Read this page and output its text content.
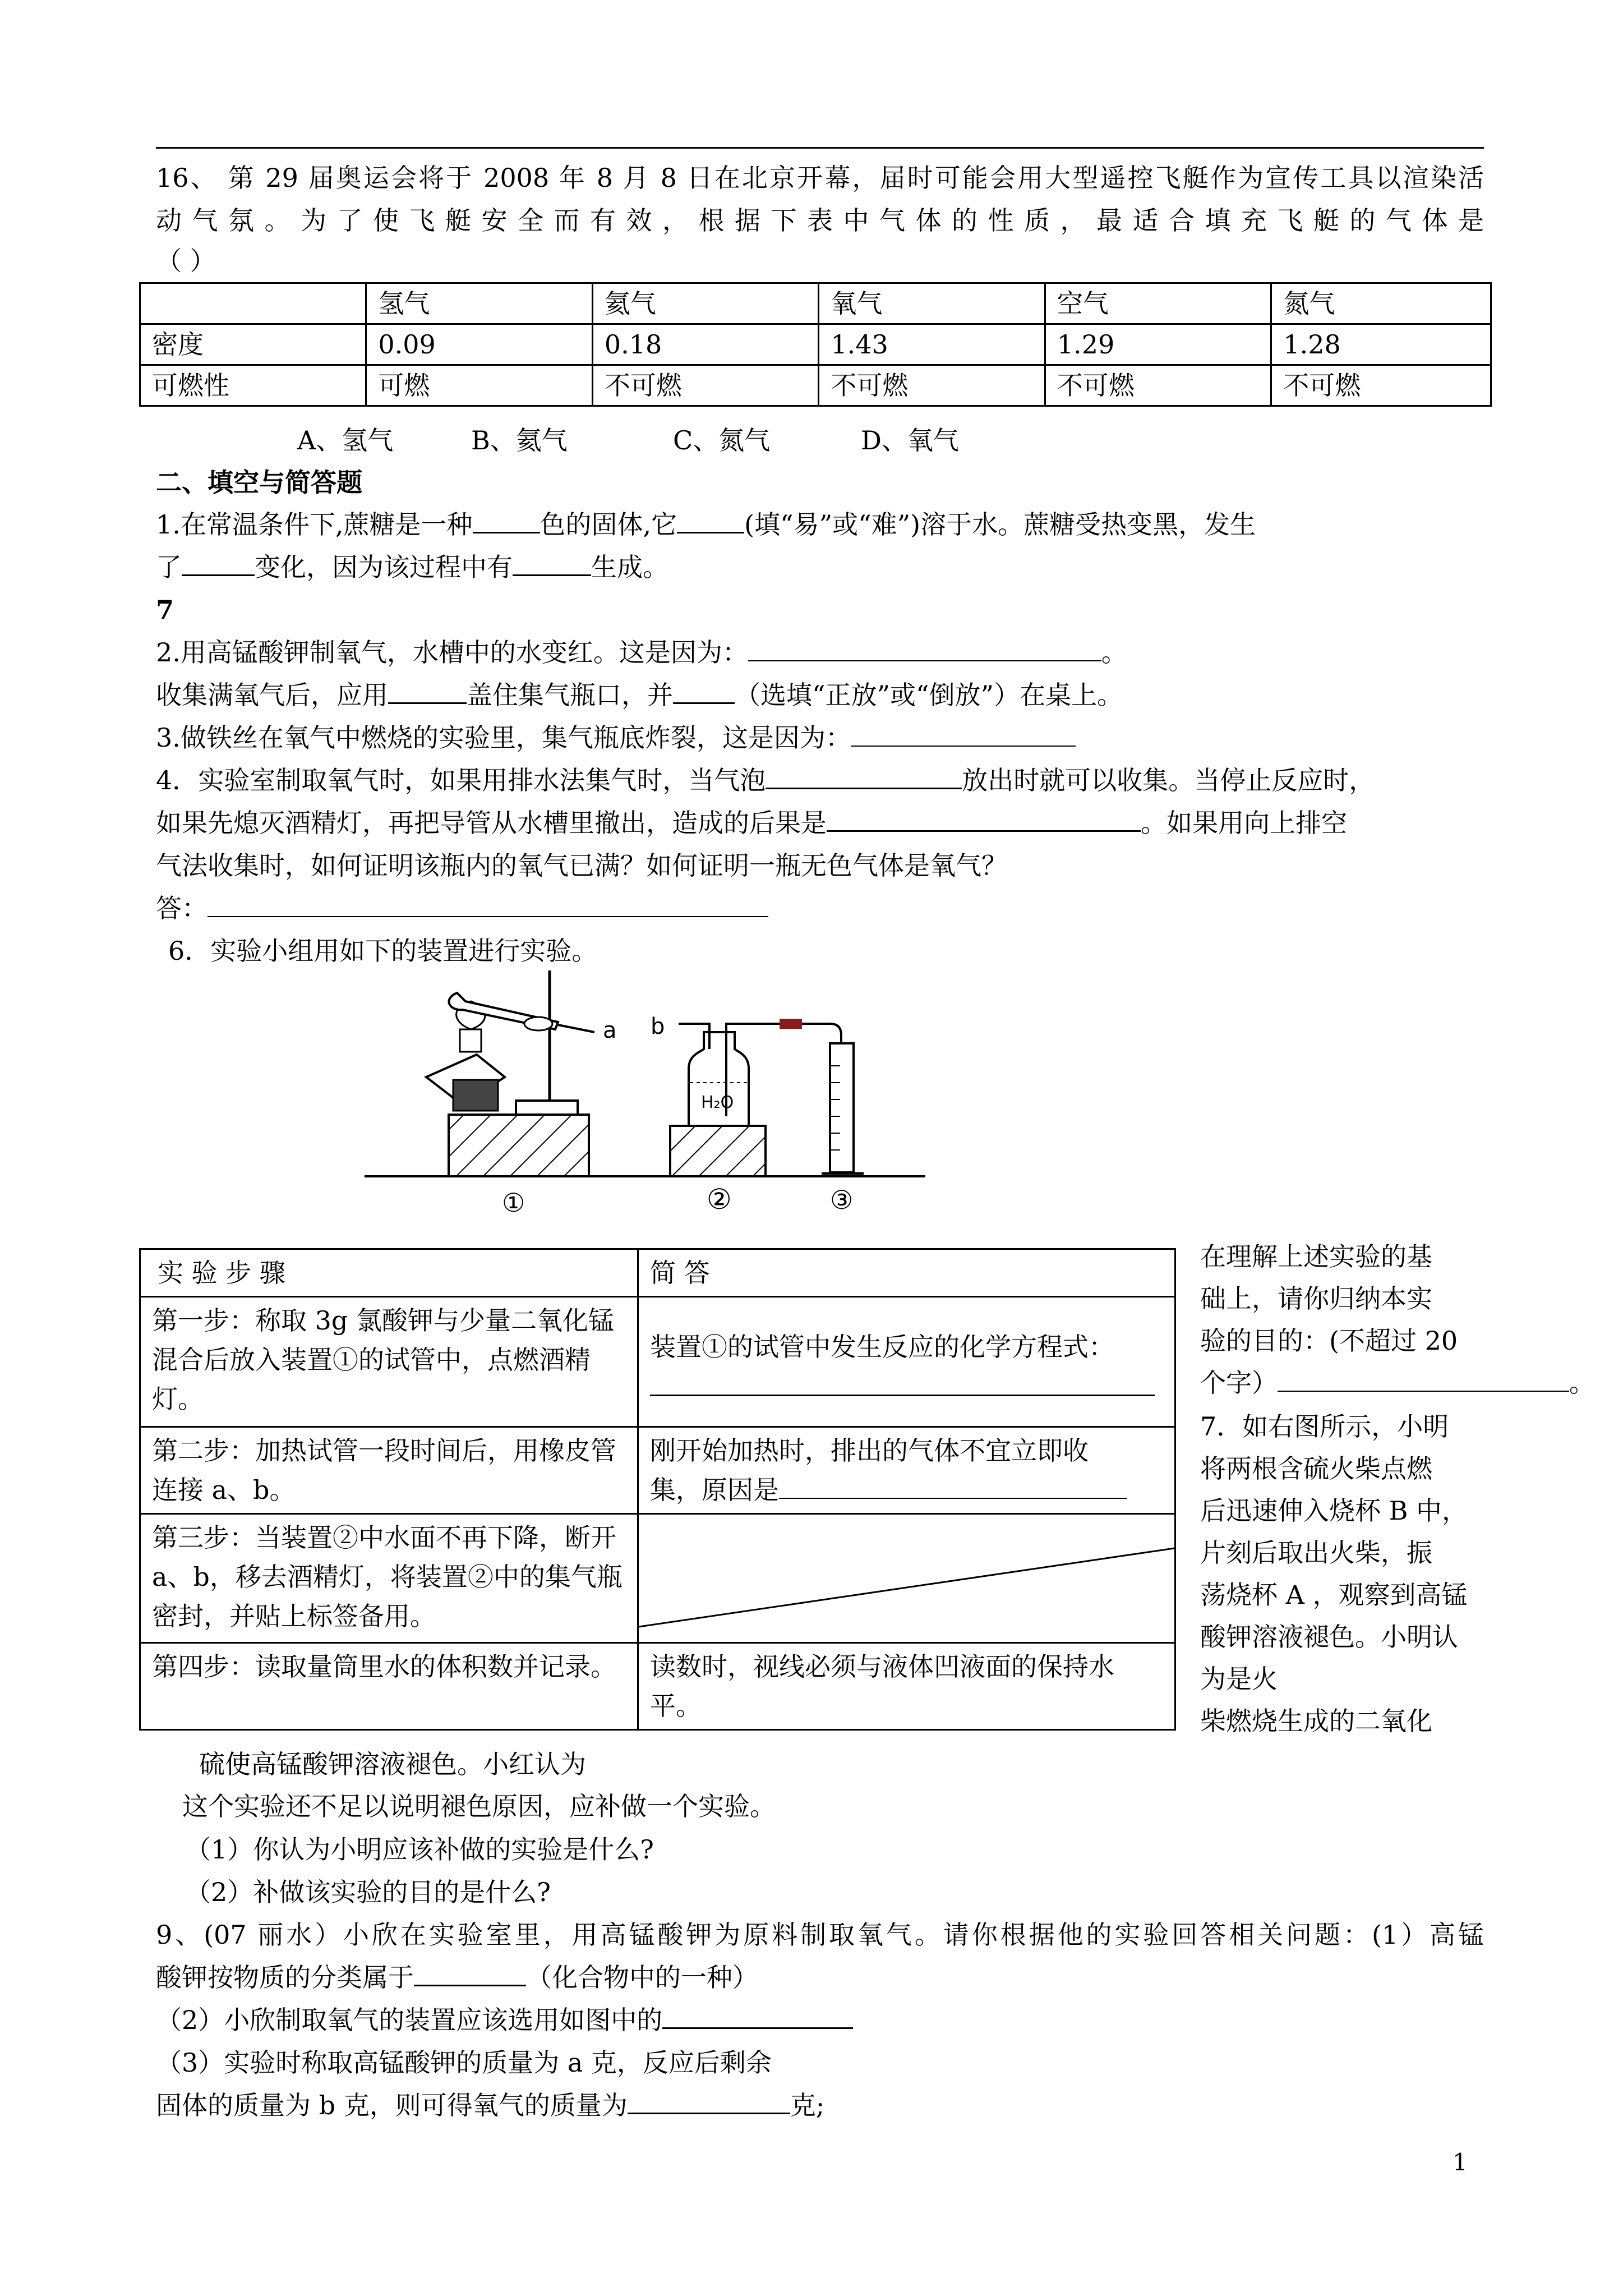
16、 第 29 届奥运会将于 2008 年 8 月 8 日在北京开幕，届时可能会用大型遥控飞艇作为宣传工具以渲染活
动气氛。为了使飞艇安全而有效，根据下表中气体的性质，最适合填充飞艇的气体是
（ ）
	氢气	氦气	氧气	空气	氮气
密度	0.09	0.18	1.43	1.29	1.28
可燃性	可燃	不可燃	不可燃	不可燃	不可燃
A、氢气	B、氦气	C、氮气	D、氧气
二、填空与简答题
1.在常温条件下,蔗糖是一种	色的固体,它	(填“易”或“难”)溶于水。蔗糖受热变黑，发生
了	变化，因为该过程中有	生成。
7
2.用高锰酸钾制氧气，水槽中的水变红。这是因为：	。
收集满氧气后，应用	盖住集气瓶口，并 （选填“正放”或“倒放”）在桌上。
3.做铁丝在氧气中燃烧的实验里，集气瓶底炸裂，这是因为：
4．实验室制取氧气时，如果用排水法集气时，当气泡	放出时就可以收集。当停止反应时，
如果先熄灭酒精灯，再把导管从水槽里撤出，造成的后果是	。如果用向上排空
气法收集时，如何证明该瓶内的氧气已满？如何证明一瓶无色气体是氧气？
答：
6．实验小组用如下的装置进行实验。
a b
H₂O
①	②	③
实 验 步 骤	简 答
第一步：称取 3g 氯酸钾与少量二氧化锰混合后放入装置①的试管中，点燃酒精灯。	装置①的试管中发生反应的化学方程式：

第二步：加热试管一段时间后，用橡皮管连接 a、b。	刚开始加热时，排出的气体不宜立即收
集，原因是

第三步：当装置②中水面不再下降，断开 a、b，移去酒精灯，将装置②中的集气瓶密封，并贴上标签备用。	

第四步：读取量筒里水的体积数并记录。	读数时，视线必须与液体凹液面的保持水平。
在理解上述实验的基
础上，请你归纳本实
验的目的：(不超过 20
个字）	。
7．如右图所示，小明
将两根含硫火柴点燃
后迅速伸入烧杯 B 中，
片刻后取出火柴，振
荡烧杯 A ，观察到高锰
酸钾溶液褪色。小明认
为是火
柴燃烧生成的二氧化
硫使高锰酸钾溶液褪色。小红认为
这个实验还不足以说明褪色原因，应补做一个实验。
（1）你认为小明应该补做的实验是什么?
（2）补做该实验的目的是什么?
9、(07 丽水）小欣在实验室里，用高锰酸钾为原料制取氧气。请你根据他的实验回答相关问题：(1）高锰
酸钾按物质的分类属于	（化合物中的一种）
（2）小欣制取氧气的装置应该选用如图中的
（3）实验时称取高锰酸钾的质量为 a 克，反应后剩余
固体的质量为 b 克，则可得氧气的质量为	克;
1
